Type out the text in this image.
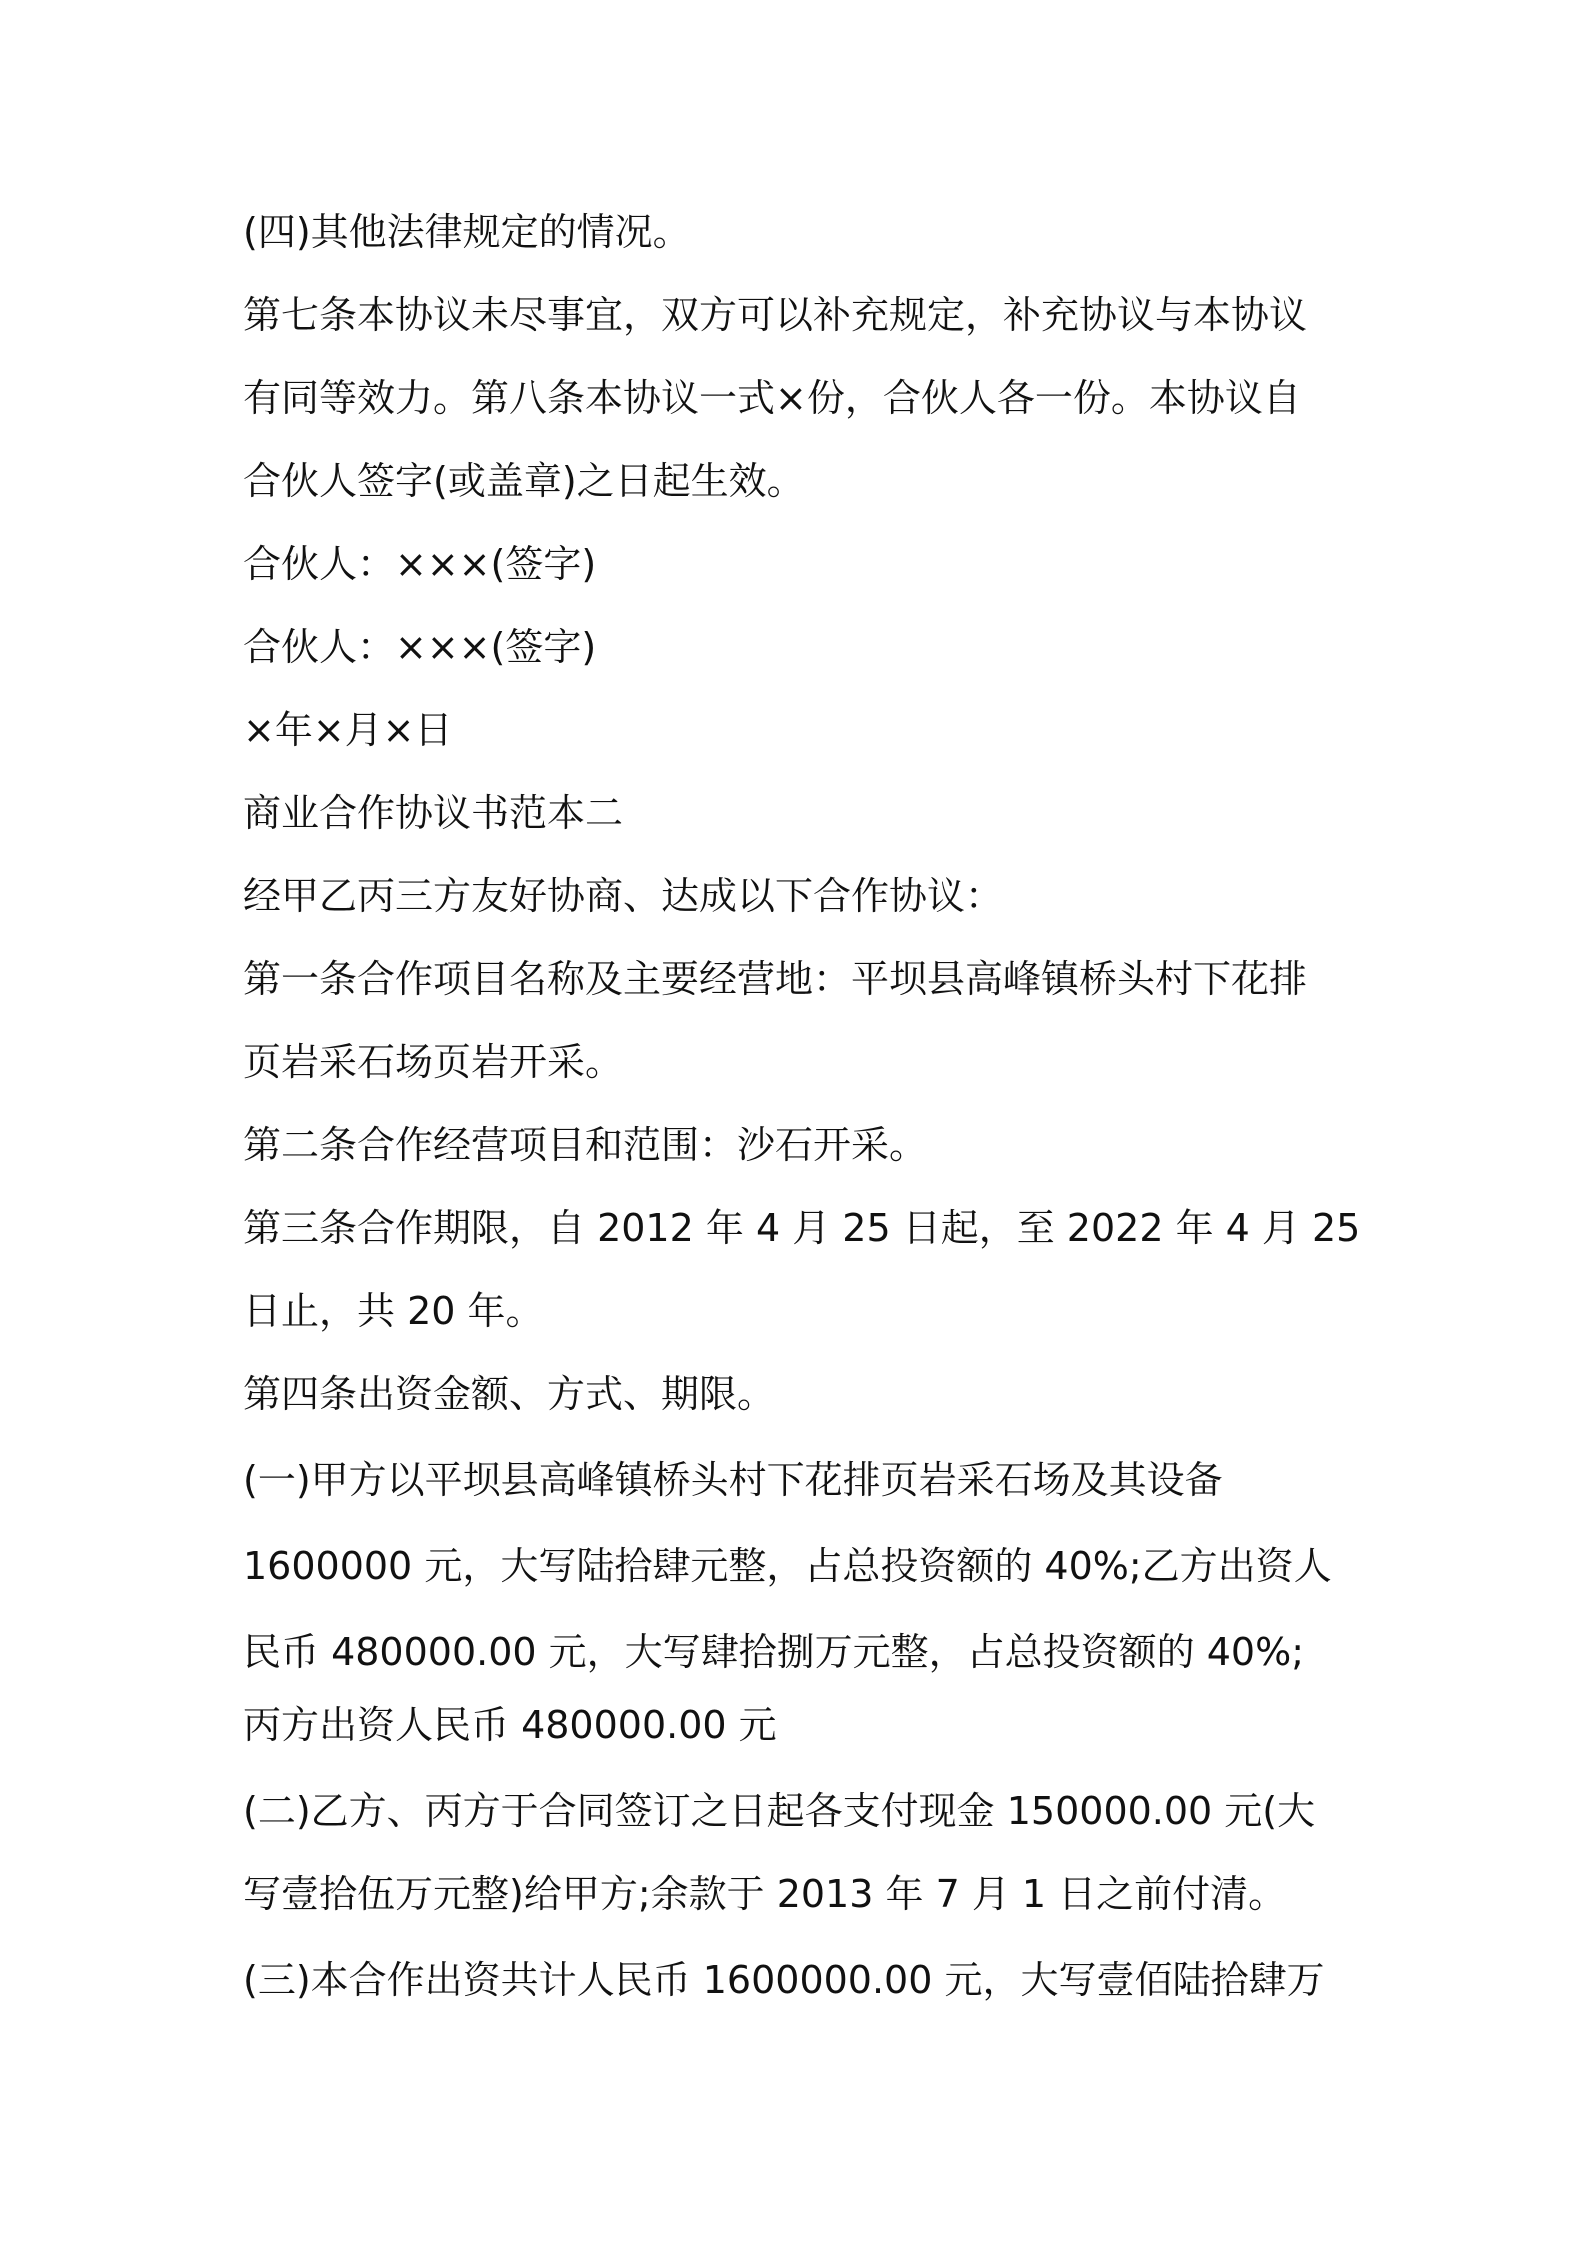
(四)其他法律规定的情况。
第七条本协议未尽事宜，双方可以补充规定，补充协议与本协议
有同等效力。第八条本协议一式×份，合伙人各一份。本协议自
合伙人签字(或盖章)之日起生效。
合伙人：×××(签字)
合伙人：×××(签字)
×年×月×日
商业合作协议书范本二
经甲乙丙三方友好协商、达成以下合作协议：
第一条合作项目名称及主要经营地：平坝县高峰镇桥头村下花排
页岩采石场页岩开采。
第二条合作经营项目和范围：沙石开采。
第三条合作期限，自 2012 年 4 月 25 日起，至 2022 年 4 月 25
日止，共 20 年。
第四条出资金额、方式、期限。
(一)甲方以平坝县高峰镇桥头村下花排页岩采石场及其设备
1600000 元，大写陆拾肆元整，占总投资额的 40%;乙方出资人
民币 480000.00 元，大写肆拾捌万元整，占总投资额的 40%;
丙方出资人民币 480000.00 元
(二)乙方、丙方于合同签订之日起各支付现金 150000.00 元(大
写壹拾伍万元整)给甲方;余款于 2013 年 7 月 1 日之前付清。
(三)本合作出资共计人民币 1600000.00 元，大写壹佰陆拾肆万
